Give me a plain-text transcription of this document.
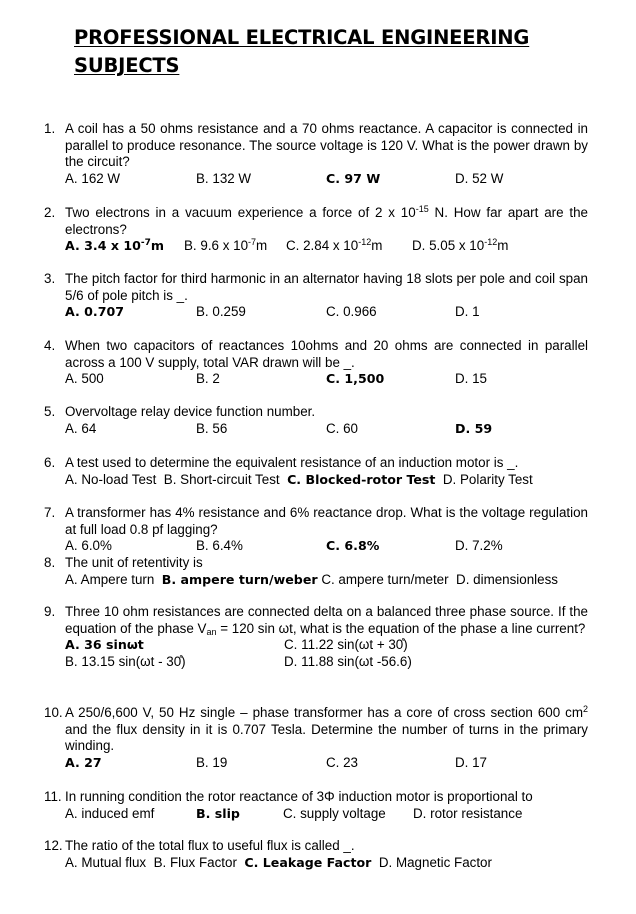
PROFESSIONAL ELECTRICAL ENGINEERING
SUBJECTS
1. A coil has a 50 ohms resistance and a 70 ohms reactance. A capacitor is connected in parallel to produce resonance. The source voltage is 120 V. What is the power drawn by the circuit?
A. 162 W	B. 132 W	C. 97 W	D. 52 W
2. Two electrons in a vacuum experience a force of 2 x $10^{-15}$ N. How far apart are the electrons?
A. 3.4 x $10^{-7}m$ B. 9.6 x $10^{-7}m$ C. 2.84 x $10^{-12}m$ D. 5.05 x $10^{-12}m$
3. The pitch factor for third harmonic in an alternator having 18 slots per pole and coil span 5/6 of pole pitch is _.
A. 0.707	B. 0.259	C. 0.966	D. 1
4. When two capacitors of reactances 10ohms and 20 ohms are connected in parallel across a 100 V supply, total VAR drawn will be _.
A. 500	B. 2	C. 1,500	D. 15
5. Overvoltage relay device function number.
A. 64	B. 56	C. 60	D. 59
6. A test used to determine the equivalent resistance of an induction motor is _.
A. No-load Test B. Short-circuit Test C. Blocked-rotor Test D. Polarity Test
7. A transformer has 4% resistance and 6% reactance drop. What is the voltage regulation at full load 0.8 pf lagging?
A. 6.0%	B. 6.4%	C. 6.8%	D. 7.2%
8. The unit of retentivity is
A. Ampere turn B. ampere turn/weber C. ampere turn/meter D. dimensionless
9. Three 10 ohm resistances are connected delta on a balanced three phase source. If the equation of the phase $V_{an} = 120$ sin ωt, what is the equation of the phase a line current?
A. 36 sinωt	C. 11.22 sin(ωt + 30̊)
B. 13.15 sin(ωt - 30̊)	D. 11.88 sin(ωt -56.6)
10. A 250/6,600 V, 50 Hz single – phase transformer has a core of cross section 600 $cm^2$ and the flux density in it is 0.707 Tesla. Determine the number of turns in the primary winding.
A. 27	B. 19	C. 23	D. 17
11. In running condition the rotor reactance of 3Φ induction motor is proportional to
A. induced emf	B. slip	C. supply voltage D. rotor resistance
12. The ratio of the total flux to useful flux is called _.
A. Mutual flux B. Flux Factor C. Leakage Factor D. Magnetic Factor
